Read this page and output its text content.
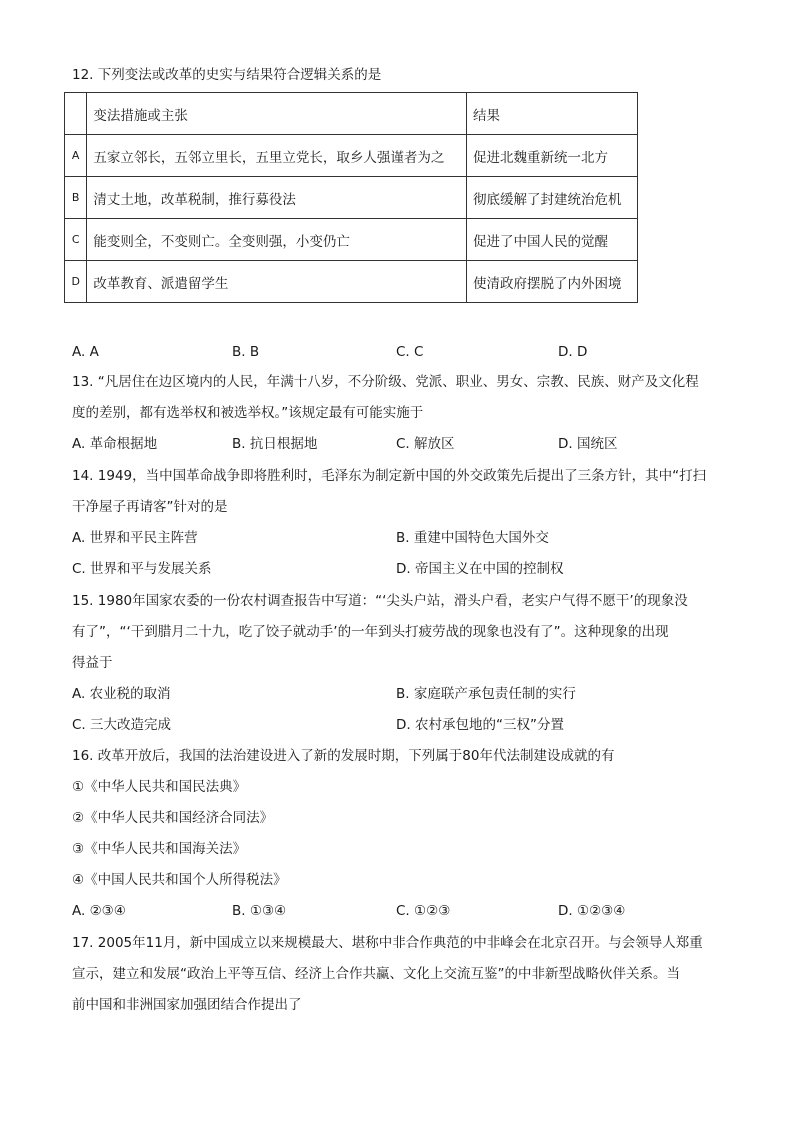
12. 下列变法或改革的史实与结果符合逻辑关系的是
	变法措施或主张	结果
A	五家立邻长，五邻立里长，五里立党长，取乡人强谨者为之	促进北魏重新统一北方
B	清丈土地，改革税制，推行募役法	彻底缓解了封建统治危机
C	能变则全，不变则亡。全变则强，小变仍亡	促进了中国人民的觉醒
D	改革教育、派遣留学生	使清政府摆脱了内外困境
A. A	B. B	C. C	D. D
13. “凡居住在边区境内的人民，年满十八岁，不分阶级、党派、职业、男女、宗教、民族、财产及文化程
度的差别，都有选举权和被选举权。”该规定最有可能实施于
A. 革命根据地	B. 抗日根据地	C. 解放区	D. 国统区
14. 1949，当中国革命战争即将胜利时，毛泽东为制定新中国的外交政策先后提出了三条方针，其中“打扫
干净屋子再请客”针对的是
A. 世界和平民主阵营	B. 重建中国特色大国外交
C. 世界和平与发展关系	D. 帝国主义在中国的控制权
15. 1980年国家农委的一份农村调查报告中写道：“‘尖头户站，滑头户看，老实户气得不愿干’的现象没
有了”，“‘干到腊月二十九，吃了饺子就动手’的一年到头打疲劳战的现象也没有了”。这种现象的出现
得益于
A. 农业税的取消	B. 家庭联产承包责任制的实行
C. 三大改造完成	D. 农村承包地的“三权”分置
16. 改革开放后，我国的法治建设进入了新的发展时期，下列属于80年代法制建设成就的有
①《中华人民共和国民法典》
②《中华人民共和国经济合同法》
③《中华人民共和国海关法》
④《中国人民共和国个人所得税法》
A. ②③④	B. ①③④	C. ①②③	D. ①②③④
17. 2005年11月，新中国成立以来规模最大、堪称中非合作典范的中非峰会在北京召开。与会领导人郑重
宣示，建立和发展“政治上平等互信、经济上合作共赢、文化上交流互鉴”的中非新型战略伙伴关系。当
前中国和非洲国家加强团结合作提出了
